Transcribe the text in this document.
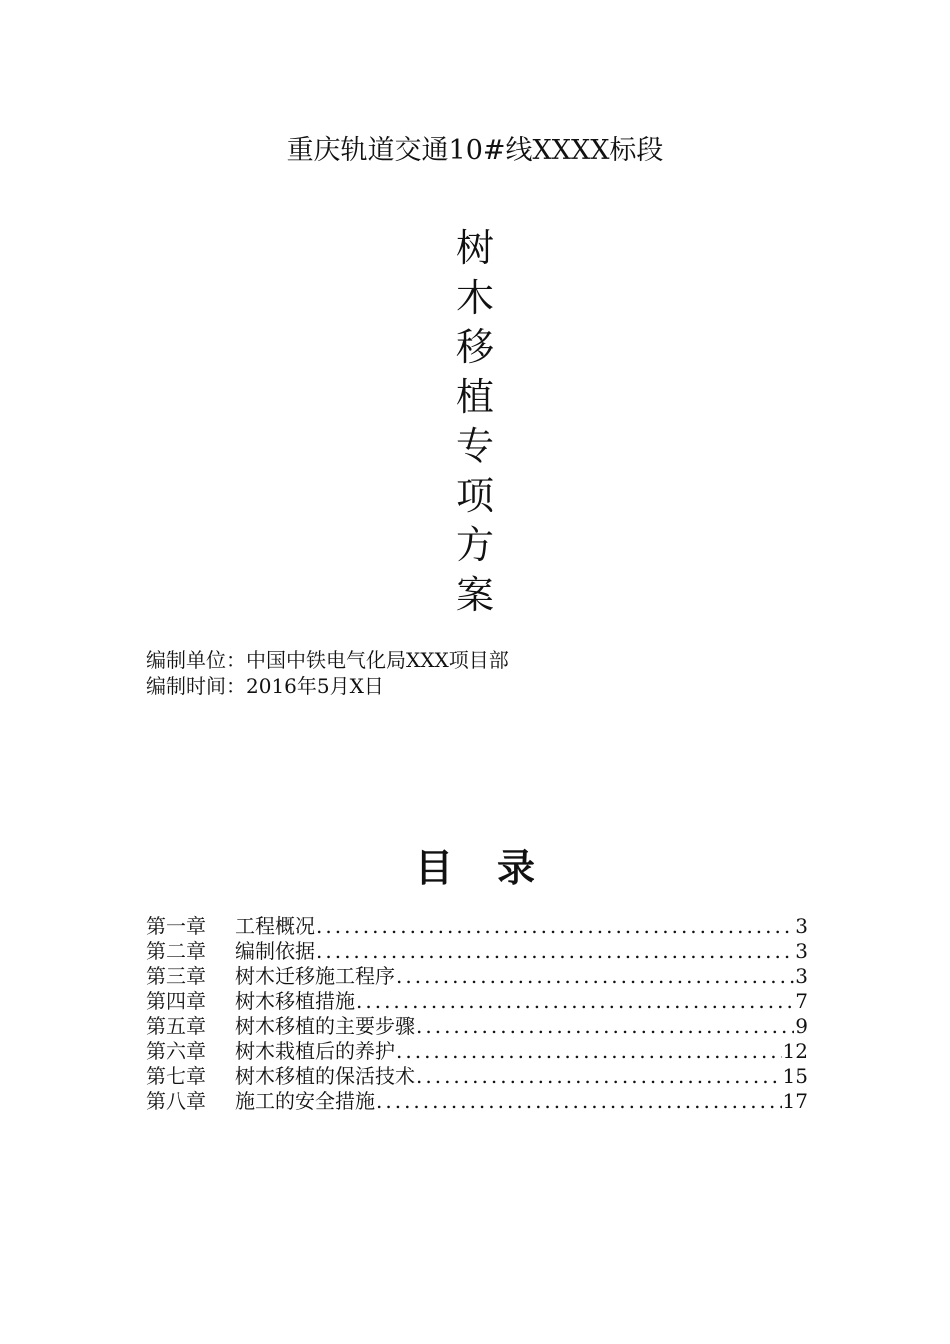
重庆轨道交通10#线XXXX标段
树
木
移
植
专
项
方
案
编制单位：中国中铁电气化局XXX项目部
编制时间：2016年5月X日
目 录
第一章	工程概况 .....	3
第二章	编制依据 .....	3
第三章	树木迁移施工程序 .....	3
第四章	树木移植措施 .....	7
第五章	树木移植的主要步骤 .....	9
第六章	树木栽植后的养护 .....	12
第七章	树木移植的保活技术 .....	15
第八章	施工的安全措施 .....	17
